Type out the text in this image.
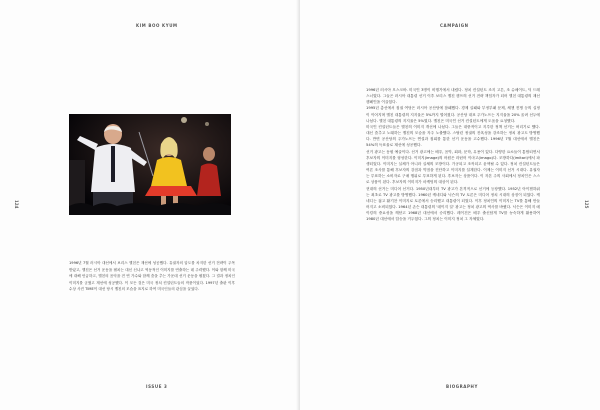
KIM BOO KYUM
124
1996년 7월 러시아 대선에서 보리스 옐친은 재선에 성공했다. 유권자의 압도를 차지한 선거 전략이 주목받았고, 옐친은 선거 운동을 펼치는 대신 신나고 역동적인 이미지를 연출하는 데 주력했다. 이와 함께 미국에 대해 언급하고, 옐친의 음악을 전 연 가수와 함께 춤을 추는 가운데 선거 운동을 펼쳤다. 그 결과 정치인 이미지를 굳혔고 재선에 성공했다. 이 모든 것은 미국 정치 컨설턴트들의 작품이었다. 1997년 출판 이후 수상 사진 TIME이 대선 당시 옐친의 모습을 표지로 하여 미국인들의 관심을 끌었다.
ISSUE 3
CAMPAIGN
125

1996년 러시아 모스크바. 미국인 3명이 비행기에서 내렸다. 정치 컨설턴트 조지 고튼, 조 슈메이트, 딕 드레스너였다. 그들은 러시아 대통령 선거 이후 보리스 옐친 캠프의 선거 전략 책임자가 되어 옐친 대통령의 재선 캠페인을 이끌었다.

1995년 총선에서 집권 여당은 러시아 공산당에 참패했다. 경제 실패와 부정부패 문제, 체첸 전쟁 등의 실정이 이어지며 옐친 대통령의 지지율은 5%까지 떨어졌다. 공산당 대표 주가노프는 지지율을 20% 올려 선두에 나섰다. 옐친 대통령의 지지율은 5%였다. 옐친은 미국인 선거 컨설턴트에게 도움을 요청했다.

미국인 컨설턴트들은 옐친의 이미지 개선에 나섰다. 그들은 대중적이고 지루한 정책 선거는 버리기로 했다. 대신 춤추고 노래하는 옐친의 모습을 자주 노출했다. 스탈린 정권의 잔혹성을 강조하는 정치 광고도 방영했다. 반면 공산당의 주가노프는 연설과 집회를 통한 선거 운동을 고수했다. 1996년 7월 대선에서 옐친은 54%의 득표율로 재선에 성공했다.

선거 광고는 동원 예술이다. 선거 광고에는 배우, 음악, 회화, 문학, 무용이 있다. 다양한 요소들이 통합되면서 후보자의 이미지를 형성한다. 이미지(image)의 어원은 라틴어 이마고(imago)다. 모방하다(imitari)에서 파생되었다. 이미지는 실체가 아니라 실체의 모방이다. 가공되고 조작되고 윤색될 수 있다. 정치 컨설턴트들은 여론 조사를 통해 후보자의 강점과 약점을 진단하고 이미지를 설계한다. 이제는 이미지 선거 시대다. 유권자는 투표하는 소비자로 구매 행위로 투표하게 된다. 후보자는 상품이다. 이 자본 주의 사회에서 정치인은 스스로 상품이 된다. 후보자의 이미지가 마케팅의 대상이 된다.

현대의 선거는 미디어 선거다. 1950년대부터 TV 광고가 본격적으로 선거에 등장했다. 1952년 아이젠하워는 최초로 TV 광고를 방영했다. 1960년 케네디와 닉슨의 TV 토론은 미디어 정치 시대의 상징이 되었다. 케네디는 젊고 활기찬 이미지로 토론에서 승리했고 대통령이 되었다. 이후 정치인의 이미지는 TV를 통해 만들어지고 소비되었다. 1964년 존슨 대통령의 '데이지 걸' 광고는 정치 광고의 역사를 바꿨다. 닉슨은 이미지 메이킹의 중요성을 깨닫고 1968년 대선에서 승리했다. 레이건은 배우 출신답게 TV를 능숙하게 활용하여 1980년 대선에서 압승을 거두었다. 그의 정치는 이미지 정치 그 자체였다.

BIOGRAPHY
